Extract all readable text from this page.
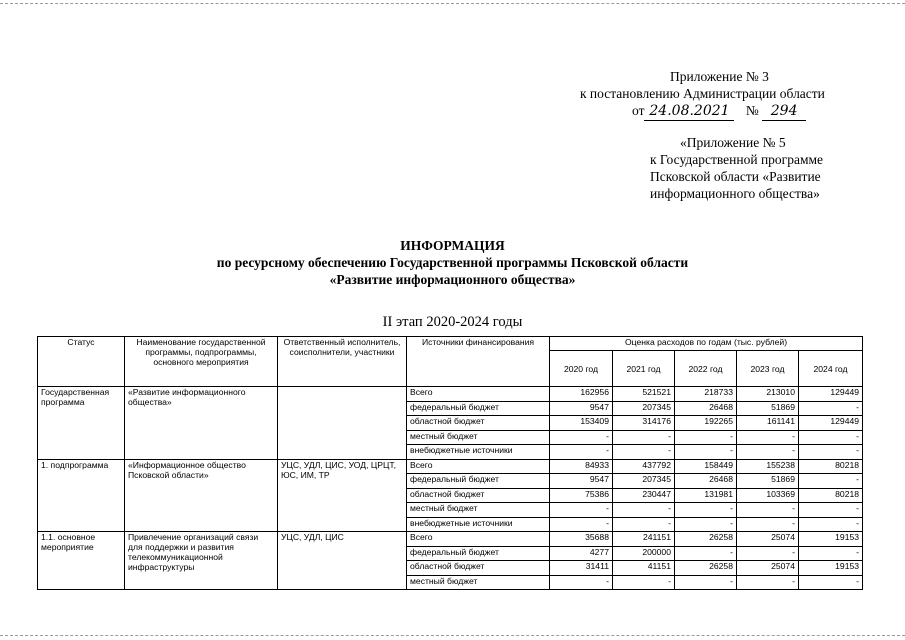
Приложение № 3
к постановлению Администрации области
от 24.08.2021 № 294
«Приложение № 5
к Государственной программе
Псковской области «Развитие
информационного общества»
ИНФОРМАЦИЯ
по ресурсному обеспечению Государственной программы Псковской области
«Развитие информационного общества»
II этап 2020-2024 годы
Статус	Наименование государственной программы, подпрограммы, основного мероприятия	Ответственный исполнитель, соисполнители, участники	Источники финансирования	Оценка расходов по годам (тыс. рублей)				
				2020 год	2021 год	2022 год	2023 год	2024 год
Государственная программа	«Развитие информационного общества»		Всего	162956	521521	218733	213010	129449
			федеральный бюджет	9547	207345	26468	51869	-
			областной бюджет	153409	314176	192265	161141	129449
			местный бюджет	-	-	-	-	-
			внебюджетные источники	-	-	-	-	-
1. подпрограмма	«Информационное общество Псковской области»	УЦС, УДЛ, ЦИС, УОД, ЦРЦТ, ЮС, ИМ, ТР	Всего	84933	437792	158449	155238	80218
			федеральный бюджет	9547	207345	26468	51869	-
			областной бюджет	75386	230447	131981	103369	80218
			местный бюджет	-	-	-	-	-
			внебюджетные источники	-	-	-	-	-
1.1. основное мероприятие	Привлечение организаций связи для поддержки и развития телекоммуникационной инфраструктуры	УЦС, УДЛ, ЦИС	Всего	35688	241151	26258	25074	19153
			федеральный бюджет	4277	200000	-	-	-
			областной бюджет	31411	41151	26258	25074	19153
			местный бюджет	-	-	-	-	-
